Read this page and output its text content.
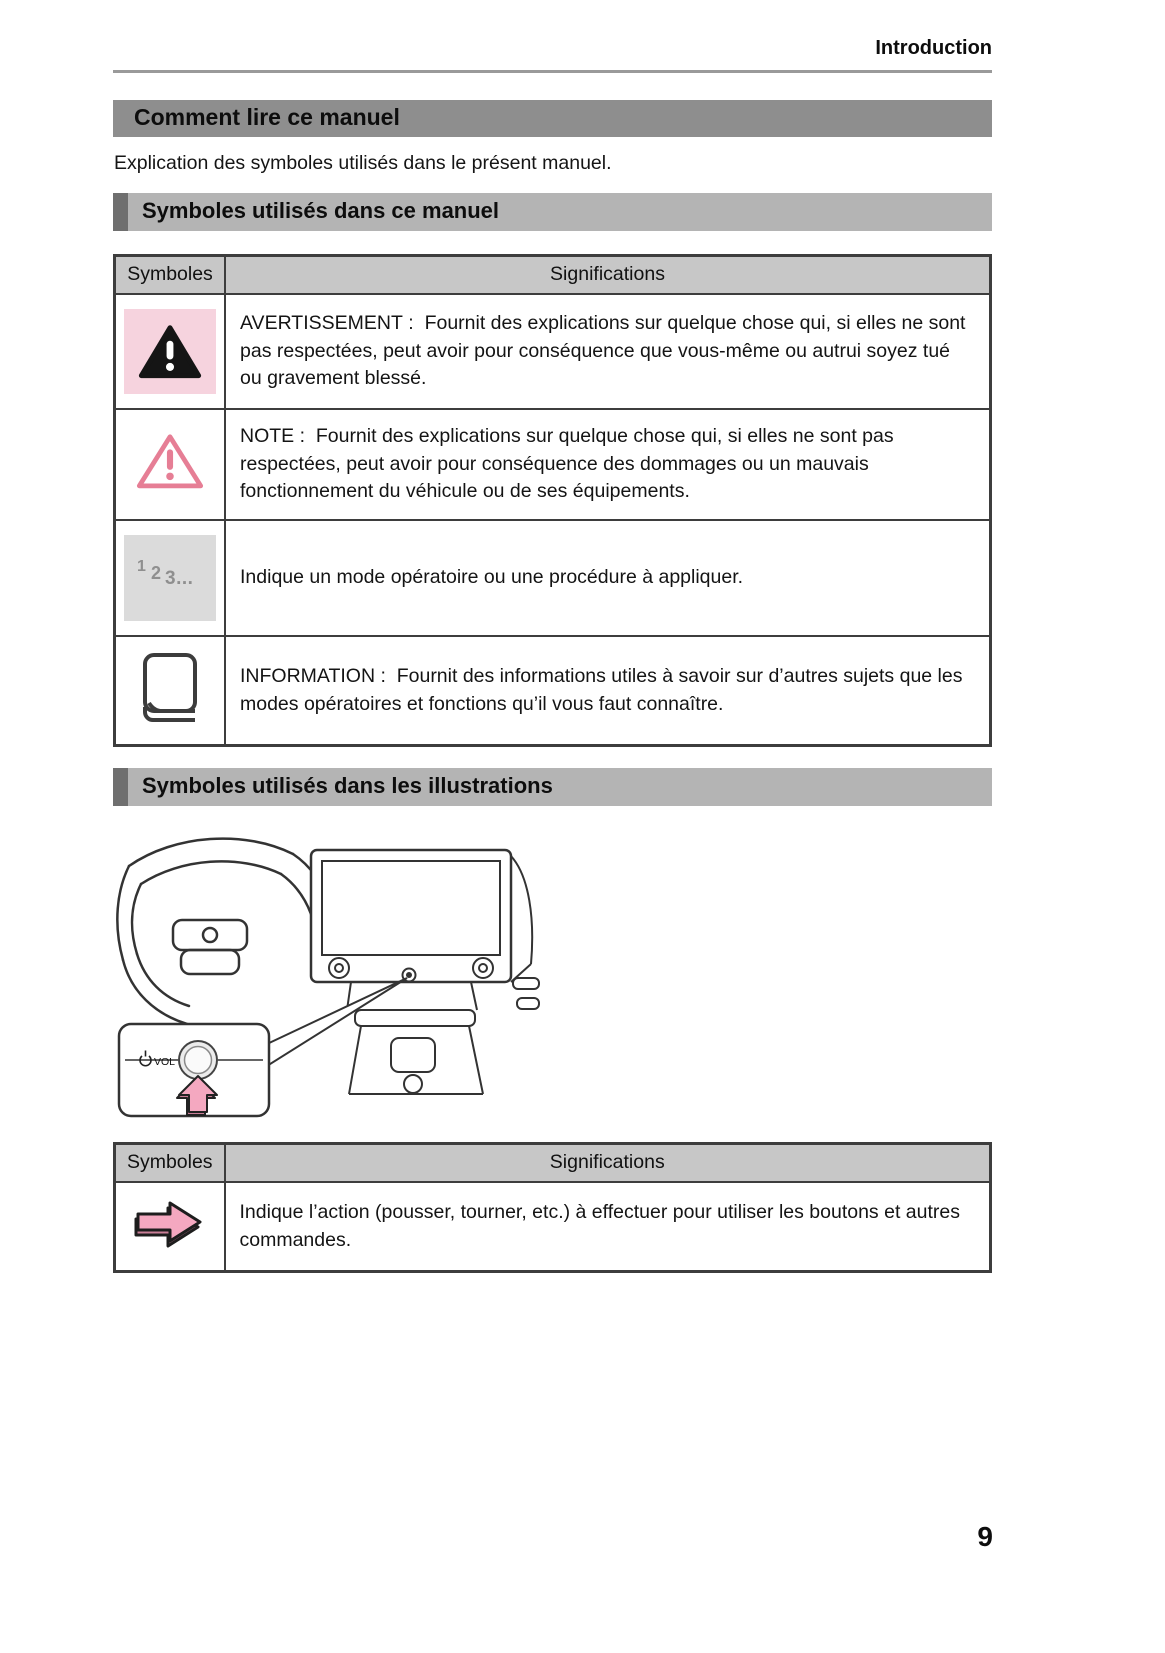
Introduction
Comment lire ce manuel

Explication des symboles utilisés dans le présent manuel.

Symboles utilisés dans ce manuel
Symboles	Significations

	AVERTISSEMENT :  Fournit des explications sur quelque chose qui, si elles ne sont pas respectées, peut avoir pour conséquence que vous-même ou autrui soyez tué ou gravement blessé.
	NOTE :  Fournit des explications sur quelque chose qui, si elles ne sont pas respectées, peut avoir pour conséquence des dommages ou un mauvais fonctionnement du véhicule ou de ses équipements.

1 2 3...	Indique un mode opératoire ou une procédure à appliquer.
	INFORMATION :  Fournit des informations utiles à savoir sur d’autres sujets que les modes opératoires et fonctions qu’il vous faut connaître.
Symboles utilisés dans les illustrations
VOL
Symboles	Significations
	Indique l’action (pousser, tourner, etc.) à effectuer pour utiliser les boutons et autres commandes.
9
